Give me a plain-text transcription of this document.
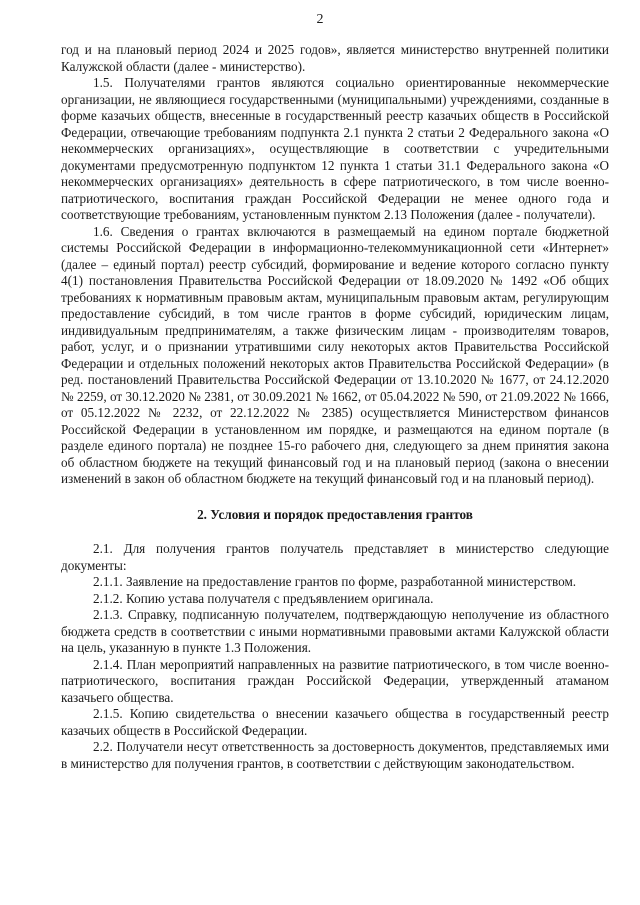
2

год и на плановый период 2024 и 2025 годов», является министерство внутренней политики Калужской области (далее - министерство).

1.5. Получателями грантов являются социально ориентированные некоммерческие организации, не являющиеся государственными (муниципальными) учреждениями, созданные в форме казачьих обществ, внесенные в государственный реестр казачьих обществ в Российской Федерации, отвечающие требованиям подпункта 2.1 пункта 2 статьи 2 Федерального закона «О некоммерческих организациях», осуществляющие в соответствии с учредительными документами предусмотренную подпунктом 12 пункта 1 статьи 31.1 Федерального закона «О некоммерческих организациях» деятельность в сфере патриотического, в том числе военно-патриотического, воспитания граждан Российской Федерации не менее одного года и соответствующие требованиям, установленным пунктом 2.13 Положения (далее - получатели).

1.6. Сведения о грантах включаются в размещаемый на едином портале бюджетной системы Российской Федерации в информационно-телекоммуникационной сети «Интернет» (далее – единый портал) реестр субсидий, формирование и ведение которого согласно пункту 4(1) постановления Правительства Российской Федерации от 18.09.2020 № 1492 «Об общих требованиях к нормативным правовым актам, муниципальным правовым актам, регулирующим предоставление субсидий, в том числе грантов в форме субсидий, юридическим лицам, индивидуальным предпринимателям, а также физическим лицам - производителям товаров, работ, услуг, и о признании утратившими силу некоторых актов Правительства Российской Федерации и отдельных положений некоторых актов Правительства Российской Федерации» (в ред. постановлений Правительства Российской Федерации от 13.10.2020 № 1677, от 24.12.2020 № 2259, от 30.12.2020 № 2381, от 30.09.2021 № 1662, от 05.04.2022 № 590, от 21.09.2022 № 1666, от 05.12.2022 № 2232, от 22.12.2022 № 2385) осуществляется Министерством финансов Российской Федерации в установленном им порядке, и размещаются на едином портале (в разделе единого портала) не позднее 15-го рабочего дня, следующего за днем принятия закона об областном бюджете на текущий финансовый год и на плановый период (закона о внесении изменений в закон об областном бюджете на текущий финансовый год и на плановый период).

2. Условия и порядок предоставления грантов

2.1. Для получения грантов получатель представляет в министерство следующие документы:

2.1.1. Заявление на предоставление грантов по форме, разработанной министерством.

2.1.2. Копию устава получателя с предъявлением оригинала.

2.1.3. Справку, подписанную получателем, подтверждающую неполучение из областного бюджета средств в соответствии с иными нормативными правовыми актами Калужской области на цель, указанную в пункте 1.3 Положения.

2.1.4. План мероприятий направленных на развитие патриотического, в том числе военно-патриотического, воспитания граждан Российской Федерации, утвержденный атаманом казачьего общества.

2.1.5. Копию свидетельства о внесении казачьего общества в государственный реестр казачьих обществ в Российской Федерации.

2.2. Получатели несут ответственность за достоверность документов, представляемых ими в министерство для получения грантов, в соответствии с действующим законодательством.
